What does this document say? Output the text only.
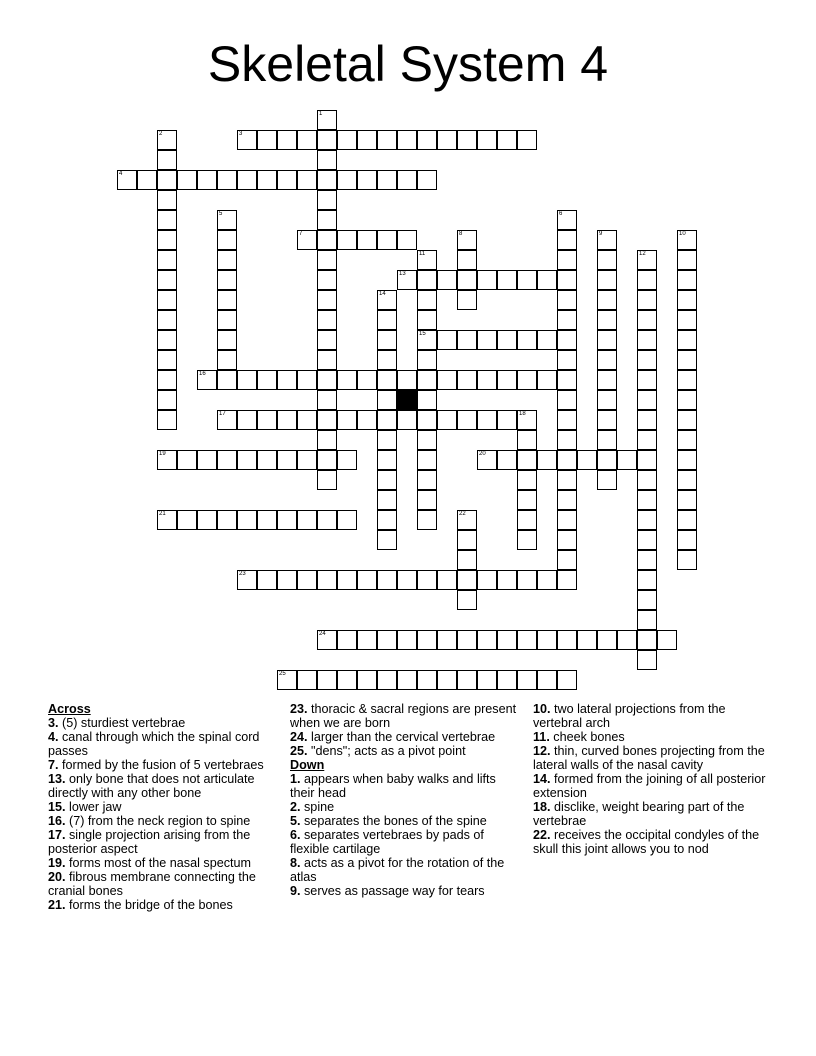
Skeletal System 4
1
2	3
4
5	6
7	8	9	10
11
15
12
13
14
16
17	18
19	20
21	22
23
24
25

Across

3. (5) sturdiest vertebrae

4. canal through which the spinal cord passes

7. formed by the fusion of 5 vertebraes

13. only bone that does not articulate directly with any other bone

15. lower jaw

16. (7) from the neck region to spine

17. single projection arising from the posterior aspect

19. forms most of the nasal spectum

20. fibrous membrane connecting the cranial bones

21. forms the bridge of the bones

23. thoracic & sacral regions are present when we are born

24. larger than the cervical vertebrae

25. "dens"; acts as a pivot point

Down

1. appears when baby walks and lifts their head

2. spine

5. separates the bones of the spine

6. separates vertebraes by pads of flexible cartilage

8. acts as a pivot for the rotation of the atlas

9. serves as passage way for tears

10. two lateral projections from the vertebral arch

11. cheek bones

12. thin, curved bones projecting from the lateral walls of the nasal cavity

14. formed from the joining of all posterior extension

18. disclike, weight bearing part of the vertebrae

22. receives the occipital condyles of the skull this joint allows you to nod
